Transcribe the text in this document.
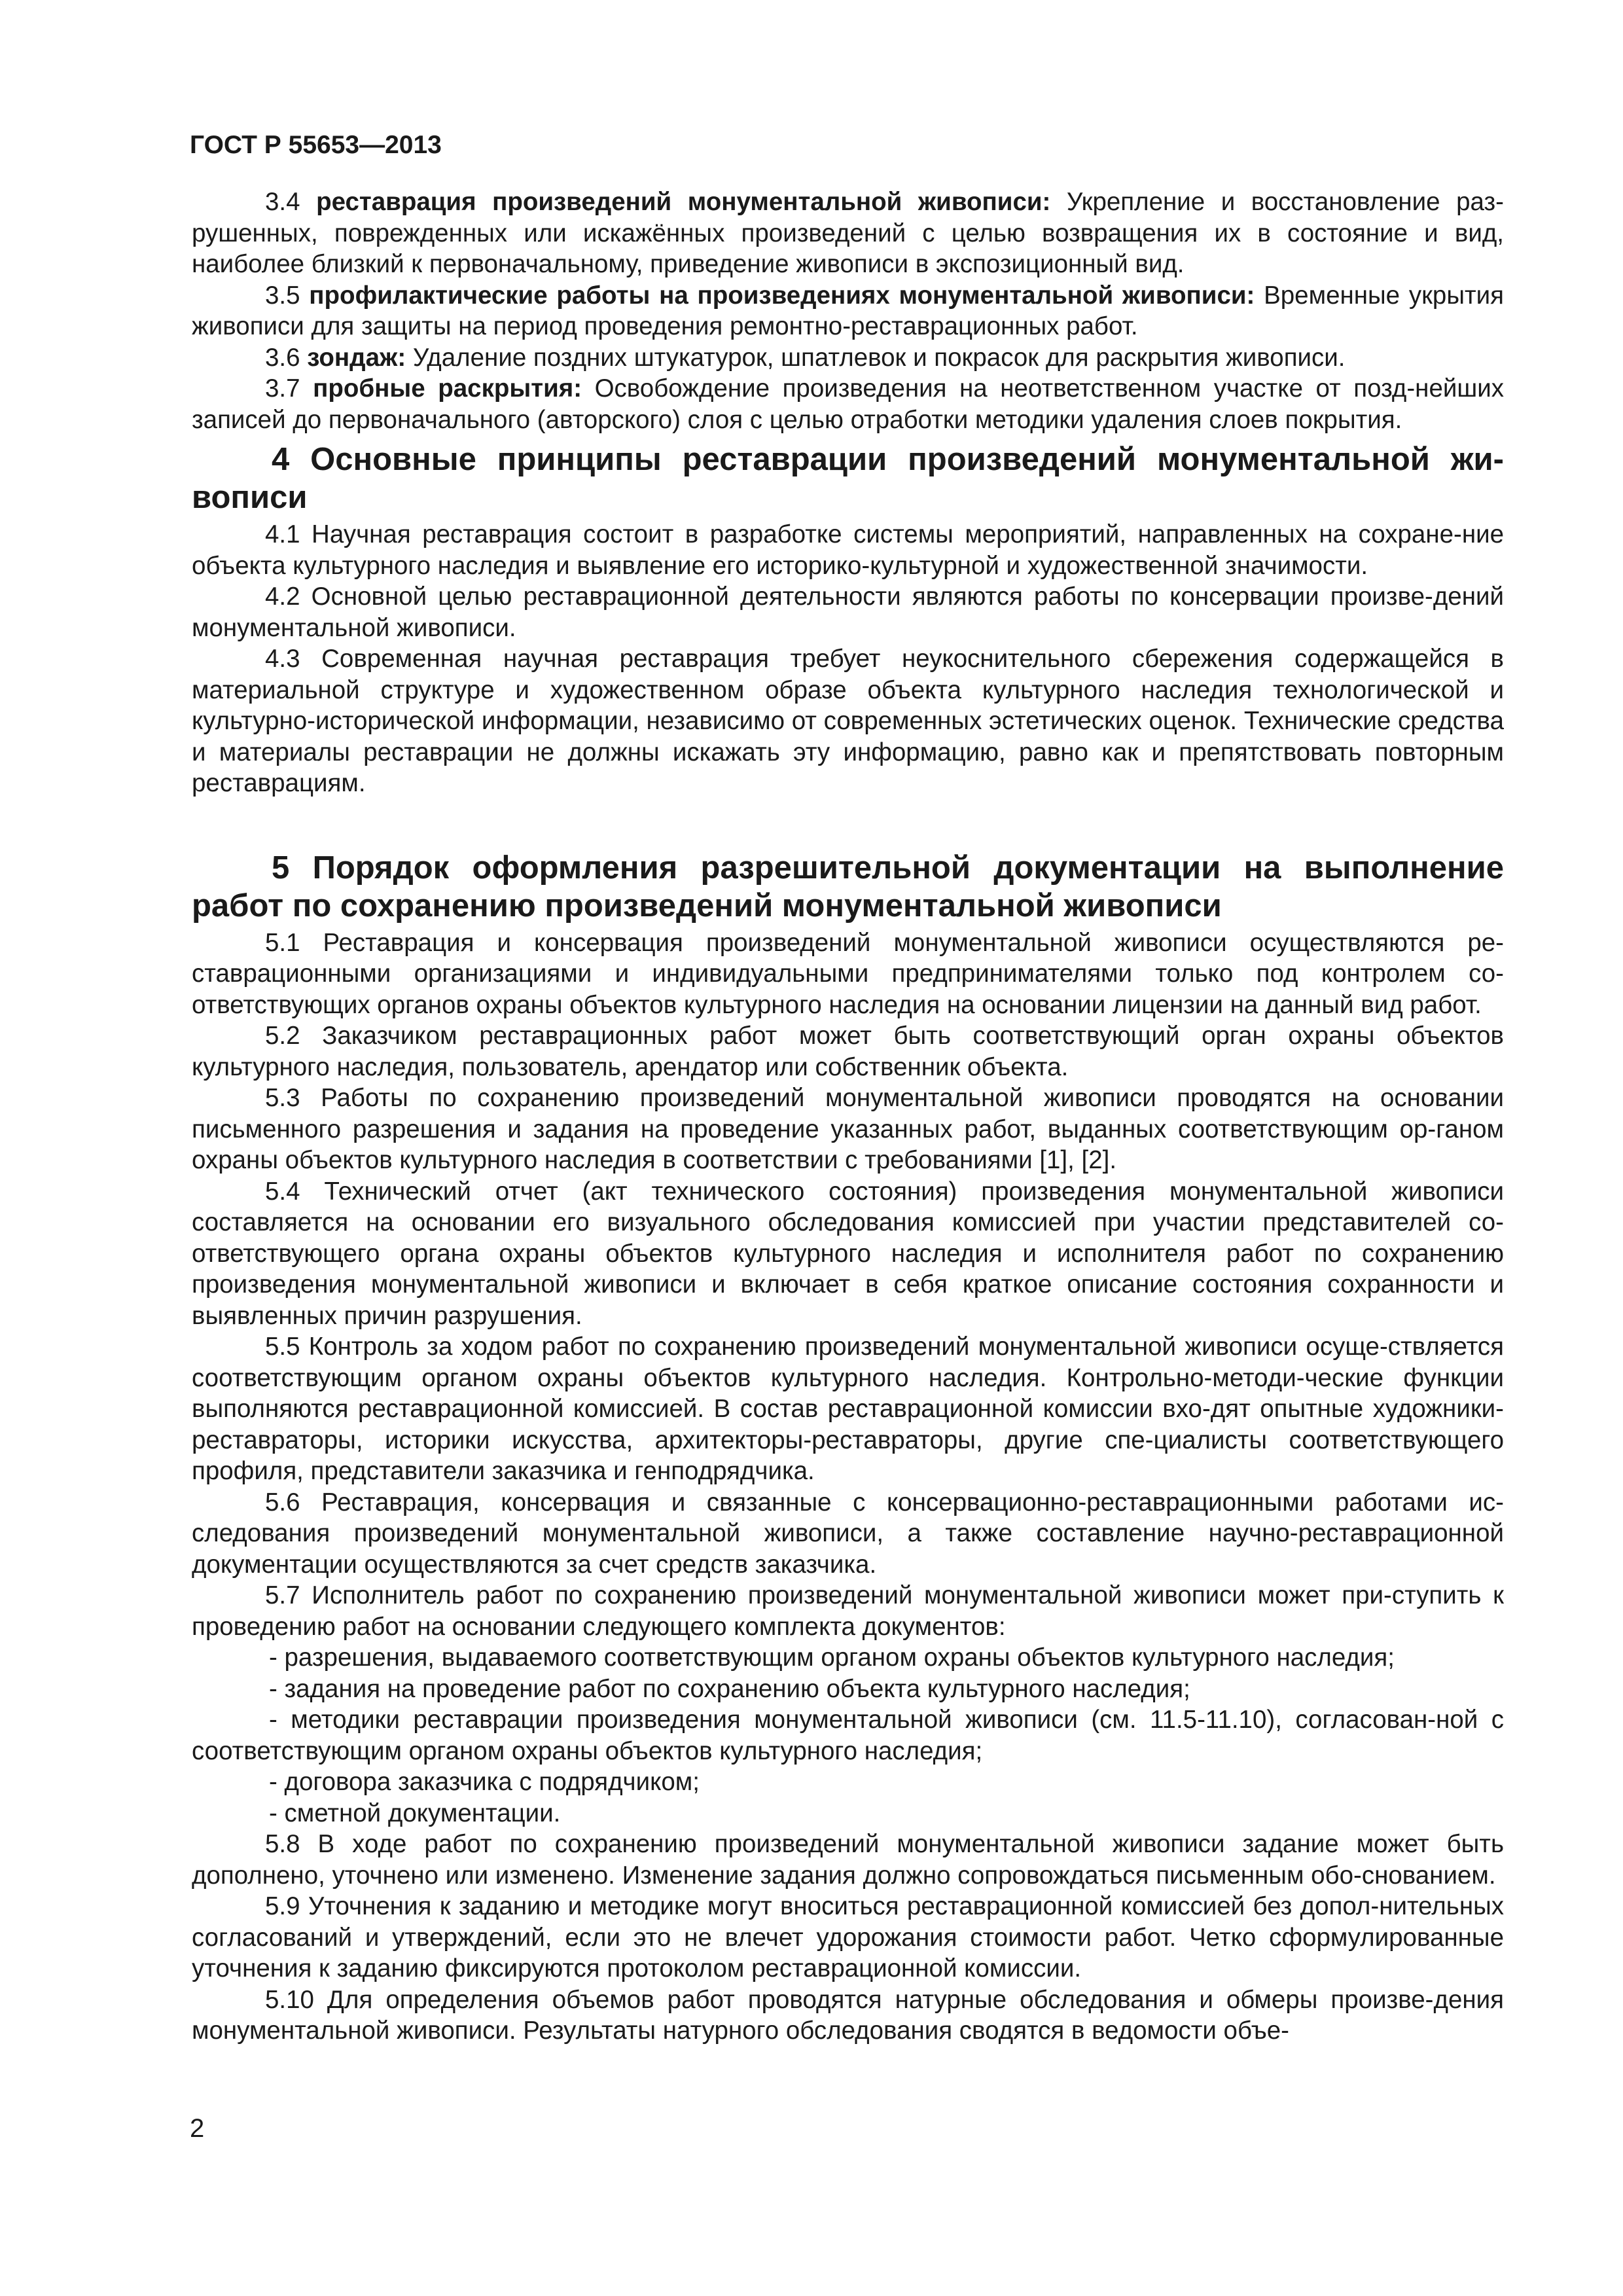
ГОСТ Р 55653—2013

3.4 реставрация произведений монументальной живописи: Укрепление и восстановление раз-рушенных, поврежденных или искажённых произведений с целью возвращения их в состояние и вид, наиболее близкий к первоначальному, приведение живописи в экспозиционный вид.

3.5 профилактические работы на произведениях монументальной живописи: Временные укрытия живописи для защиты на период проведения ремонтно-реставрационных работ.

3.6 зондаж: Удаление поздних штукатурок, шпатлевок и покрасок для раскрытия живописи.

3.7 пробные раскрытия: Освобождение произведения на неответственном участке от позд-нейших записей до первоначального (авторского) слоя с целью отработки методики удаления слоев покрытия.

4 Основные принципы реставрации произведений монументальной жи-вописи

4.1 Научная реставрация состоит в разработке системы мероприятий, направленных на сохране-ние объекта культурного наследия и выявление его историко-культурной и художественной значимости.

4.2 Основной целью реставрационной деятельности являются работы по консервации произве-дений монументальной живописи.

4.3 Современная научная реставрация требует неукоснительного сбережения содержащейся в материальной структуре и художественном образе объекта культурного наследия технологической и культурно-исторической информации, независимо от современных эстетических оценок. Технические средства и материалы реставрации не должны искажать эту информацию, равно как и препятствовать повторным реставрациям.

5 Порядок оформления разрешительной документации на выполнение работ по сохранению произведений монументальной живописи

5.1 Реставрация и консервация произведений монументальной живописи осуществляются ре-ставрационными организациями и индивидуальными предпринимателями только под контролем со-ответствующих органов охраны объектов культурного наследия на основании лицензии на данный вид работ.

5.2 Заказчиком реставрационных работ может быть соответствующий орган охраны объектов культурного наследия, пользователь, арендатор или собственник объекта.

5.3 Работы по сохранению произведений монументальной живописи проводятся на основании письменного разрешения и задания на проведение указанных работ, выданных соответствующим ор-ганом охраны объектов культурного наследия в соответствии с требованиями [1], [2].

5.4 Технический отчет (акт технического состояния) произведения монументальной живописи составляется на основании его визуального обследования комиссией при участии представителей со-ответствующего органа охраны объектов культурного наследия и исполнителя работ по сохранению произведения монументальной живописи и включает в себя краткое описание состояния сохранности и выявленных причин разрушения.

5.5 Контроль за ходом работ по сохранению произведений монументальной живописи осуще-ствляется соответствующим органом охраны объектов культурного наследия. Контрольно-методи-ческие функции выполняются реставрационной комиссией. В состав реставрационной комиссии вхо-дят опытные художники-реставраторы, историки искусства, архитекторы-реставраторы, другие спе-циалисты соответствующего профиля, представители заказчика и генподрядчика.

5.6 Реставрация, консервация и связанные с консервационно-реставрационными работами ис-следования произведений монументальной живописи, а также составление научно-реставрационной документации осуществляются за счет средств заказчика.

5.7 Исполнитель работ по сохранению произведений монументальной живописи может при-ступить к проведению работ на основании следующего комплекта документов:

- разрешения, выдаваемого соответствующим органом охраны объектов культурного наследия;

- задания на проведение работ по сохранению объекта культурного наследия;

- методики реставрации произведения монументальной живописи (см. 11.5-11.10), согласован-ной с соответствующим органом охраны объектов культурного наследия;

- договора заказчика с подрядчиком;

- сметной документации.

5.8 В ходе работ по сохранению произведений монументальной живописи задание может быть дополнено, уточнено или изменено. Изменение задания должно сопровождаться письменным обо-снованием.

5.9 Уточнения к заданию и методике могут вноситься реставрационной комиссией без допол-нительных согласований и утверждений, если это не влечет удорожания стоимости работ. Четко сформулированные уточнения к заданию фиксируются протоколом реставрационной комиссии.

5.10 Для определения объемов работ проводятся натурные обследования и обмеры произве-дения монументальной живописи. Результаты натурного обследования сводятся в ведомости объе-

2
